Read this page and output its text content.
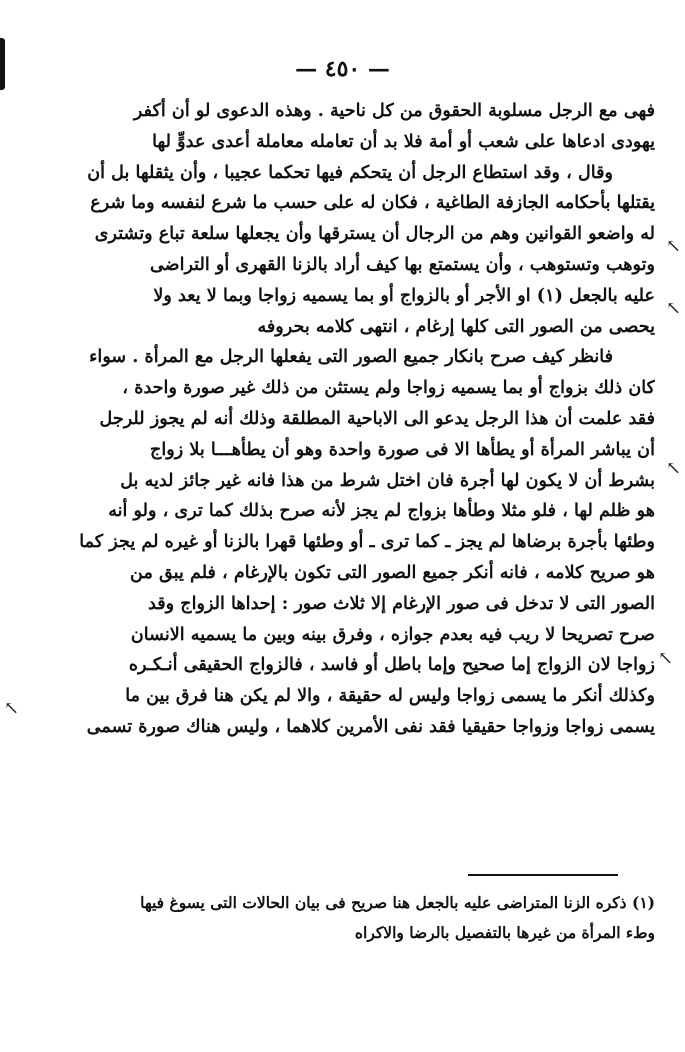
— ٤٥٠ —
فهى مع الرجل مسلوبة الحقوق من كل ناحية . وهذه الدعوى لو أن أكفر
يهودى ادعاها على شعب أو أمة فلا بد أن تعامله معاملة أعدى عدوٍّ لها
وقال ، وقد استطاع الرجل أن يتحكم فيها تحكما عجيبا ، وأن يثقلها بل أن
يقتلها بأحكامه الجازفة الطاغية ، فكان له على حسب ما شرع لنفسه وما شرع
له واضعو القوانين وهم من الرجال أن يسترقها وأن يجعلها سلعة تباع وتشترى
وتوهب وتستوهب ، وأن يستمتع بها كيف أراد بالزنا القهرى أو التراضى
عليه بالجعل (١) او الأجر أو بالزواج أو بما يسميه زواجا وبما لا يعد ولا
يحصى من الصور التى كلها إرغام ، انتهى كلامه بحروفه
فانظر كيف صرح بانكار جميع الصور التى يفعلها الرجل مع المرأة . سواء
كان ذلك بزواج أو بما يسميه زواجا ولم يستثن من ذلك غير صورة واحدة ،
فقد علمت أن هذا الرجل يدعو الى الاباحية المطلقة وذلك أنه لم يجوز للرجل
أن يباشر المرأة أو يطأها الا فى صورة واحدة وهو أن يطأهـــا بلا زواج
بشرط أن لا يكون لها أجرة فان اختل شرط من هذا فانه غير جائز لديه بل
هو ظلم لها ، فلو مثلا وطأها بزواج لم يجز لأنه صرح بذلك كما ترى ، ولو أنه
وطئها بأجرة برضاها لم يجز ـ كما ترى ـ أو وطئها قهرا بالزنا أو غيره لم يجز كما
هو صريح كلامه ، فانه أنكر جميع الصور التى تكون بالإرغام ، فلم يبق من
الصور التى لا تدخل فى صور الإرغام إلا ثلاث صور : إحداها الزواج وقد
صرح تصريحا لا ريب فيه بعدم جوازه ، وفرق بينه وبين ما يسميه الانسان
زواجا لان الزواج إما صحيح وإما باطل أو فاسد ، فالزواج الحقيقى أنـكـره
وكذلك أنكر ما يسمى زواجا وليس له حقيقة ، والا لم يكن هنا فرق بين ما
يسمى زواجا وزواجا حقيقيا فقد نفى الأمرين كلاهما ، وليس هناك صورة تسمى
(١) ذكره الزنا المتراضى عليه بالجعل هنا صريح فى بيان الحالات التى يسوغ فيها
وطء المرأة من غيرها بالتفصيل بالرضا والاكراه
↖
↖
↖
↖
↖
